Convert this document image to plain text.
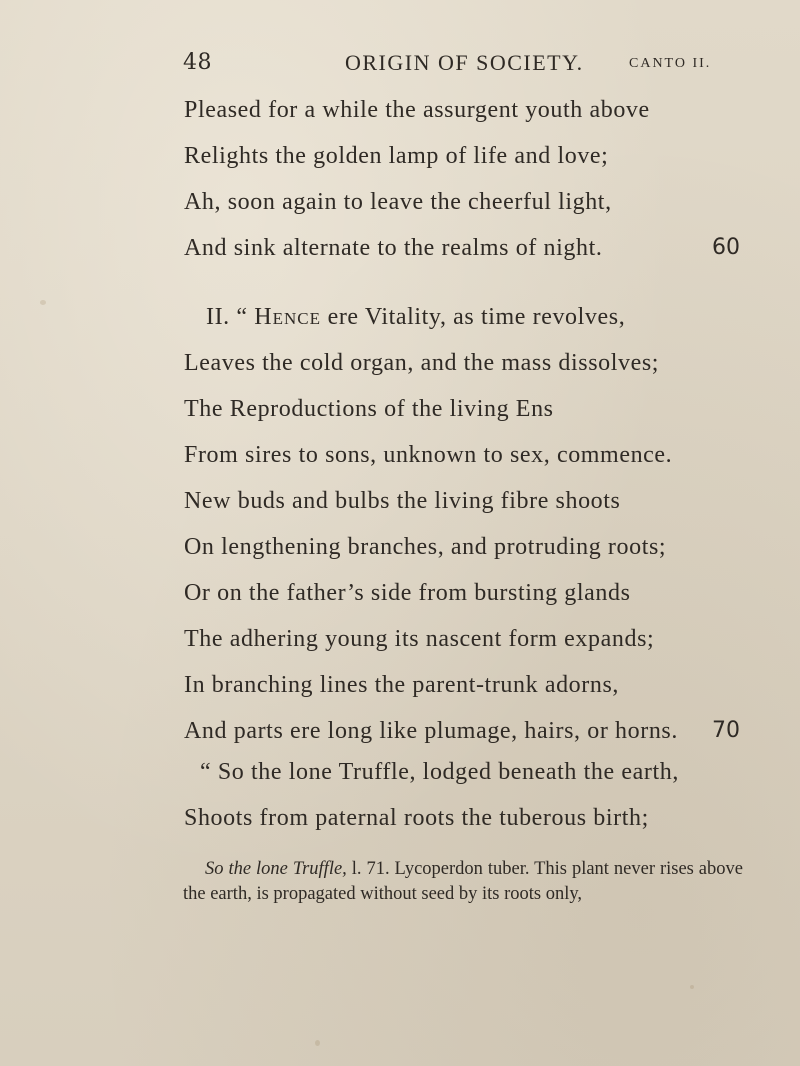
48	ORIGIN OF SOCIETY.	CANTO II.
Pleased for a while the assurgent youth above
Relights the golden lamp of life and love;
Ah, soon again to leave the cheerful light,
And sink alternate to the realms of night.	60
II. “ Hence ere Vitality, as time revolves,
Leaves the cold organ, and the mass dissolves;
The Reproductions of the living Ens
From sires to sons, unknown to sex, commence.
New buds and bulbs the living fibre shoots
On lengthening branches, and protruding roots;
Or on the father’s side from bursting glands
The adhering young its nascent form expands;
In branching lines the parent-trunk adorns,
And parts ere long like plumage, hairs, or horns. 70
“ So the lone Truffle, lodged beneath the earth,
Shoots from paternal roots the tuberous birth;

So the lone Truffle, l. 71. Lycoperdon tuber. This plant never rises above the earth, is propagated without seed by its roots only,
